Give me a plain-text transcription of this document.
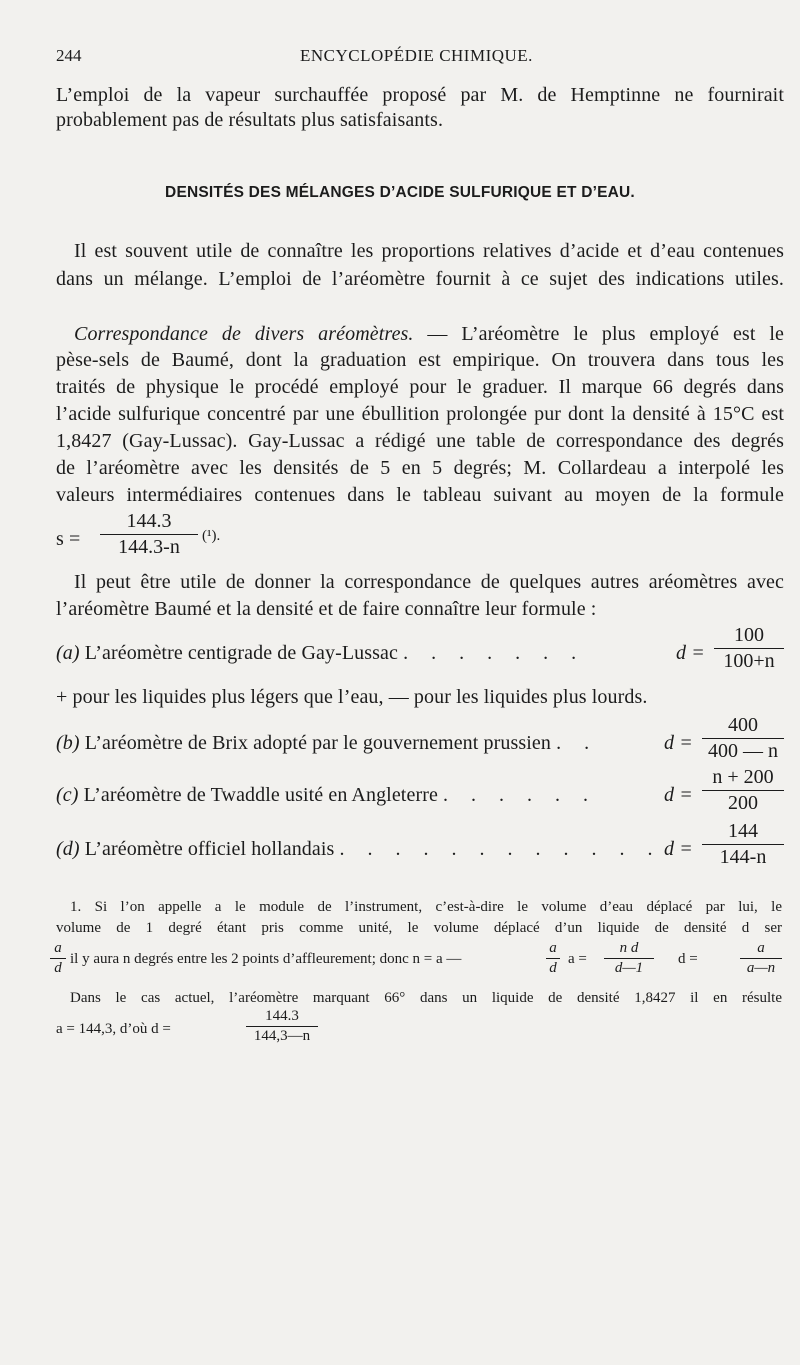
244	ENCYCLOPÉDIE CHIMIQUE.
L’emploi de la vapeur surchauffée proposé par M. de Hemptinne ne fournirait
probablement pas de résultats plus satisfaisants.
DENSITÉS DES MÉLANGES D’ACIDE SULFURIQUE ET D’EAU.
Il est souvent utile de connaître les proportions relatives d’acide et d’eau contenues
dans un mélange. L’emploi de l’aréomètre fournit à ce sujet des indications utiles.
Correspondance de divers aréomètres. — L’aréomètre le plus employé est le
pèse-sels de Baumé, dont la graduation est empirique. On trouvera dans tous les
traités de physique le procédé employé pour le graduer. Il marque 66 degrés dans
l’acide sulfurique concentré par une ébullition prolongée pur dont la densité à 15°C est
1,8427 (Gay-Lussac). Gay-Lussac a rédigé une table de correspondance des degrés
de l’aréomètre avec les densités de 5 en 5 degrés; M. Collardeau a interpolé les
valeurs intermédiaires contenues dans le tableau suivant au moyen de la formule
s =
144.3
144.3-n	(¹).
Il peut être utile de donner la correspondance de quelques autres aréomètres avec
l’aréomètre Baumé et la densité et de faire connaître leur formule :
(a) L’aréomètre centigrade de Gay-Lussac . . . . . . .	d =
100
100+n
+ pour les liquides plus légers que l’eau, — pour les liquides plus lourds.
(b) L’aréomètre de Brix adopté par le gouvernement prussien . .	d =
400
400 — n
(c) L’aréomètre de Twaddle usité en Angleterre . . . . . .	d =
n + 200
200
(d) L’aréomètre officiel hollandais . . . . . . . . . . . . d =
144
144-n
1. Si l’on appelle a le module de l’instrument, c’est-à-dire le volume d’eau déplacé par lui, le
volume de 1 degré étant pris comme unité, le volume déplacé d’un liquide de densité d ser
a
d
il y aura n degrés entre les 2 points d’affleurement; donc n = a —
a
d
a =
n d
d—1
d =
a
a—n
Dans le cas actuel, l’aréomètre marquant 66° dans un liquide de densité 1,8427 il en résulte
a = 144,3, d’où d =
144.3
144,3—n
